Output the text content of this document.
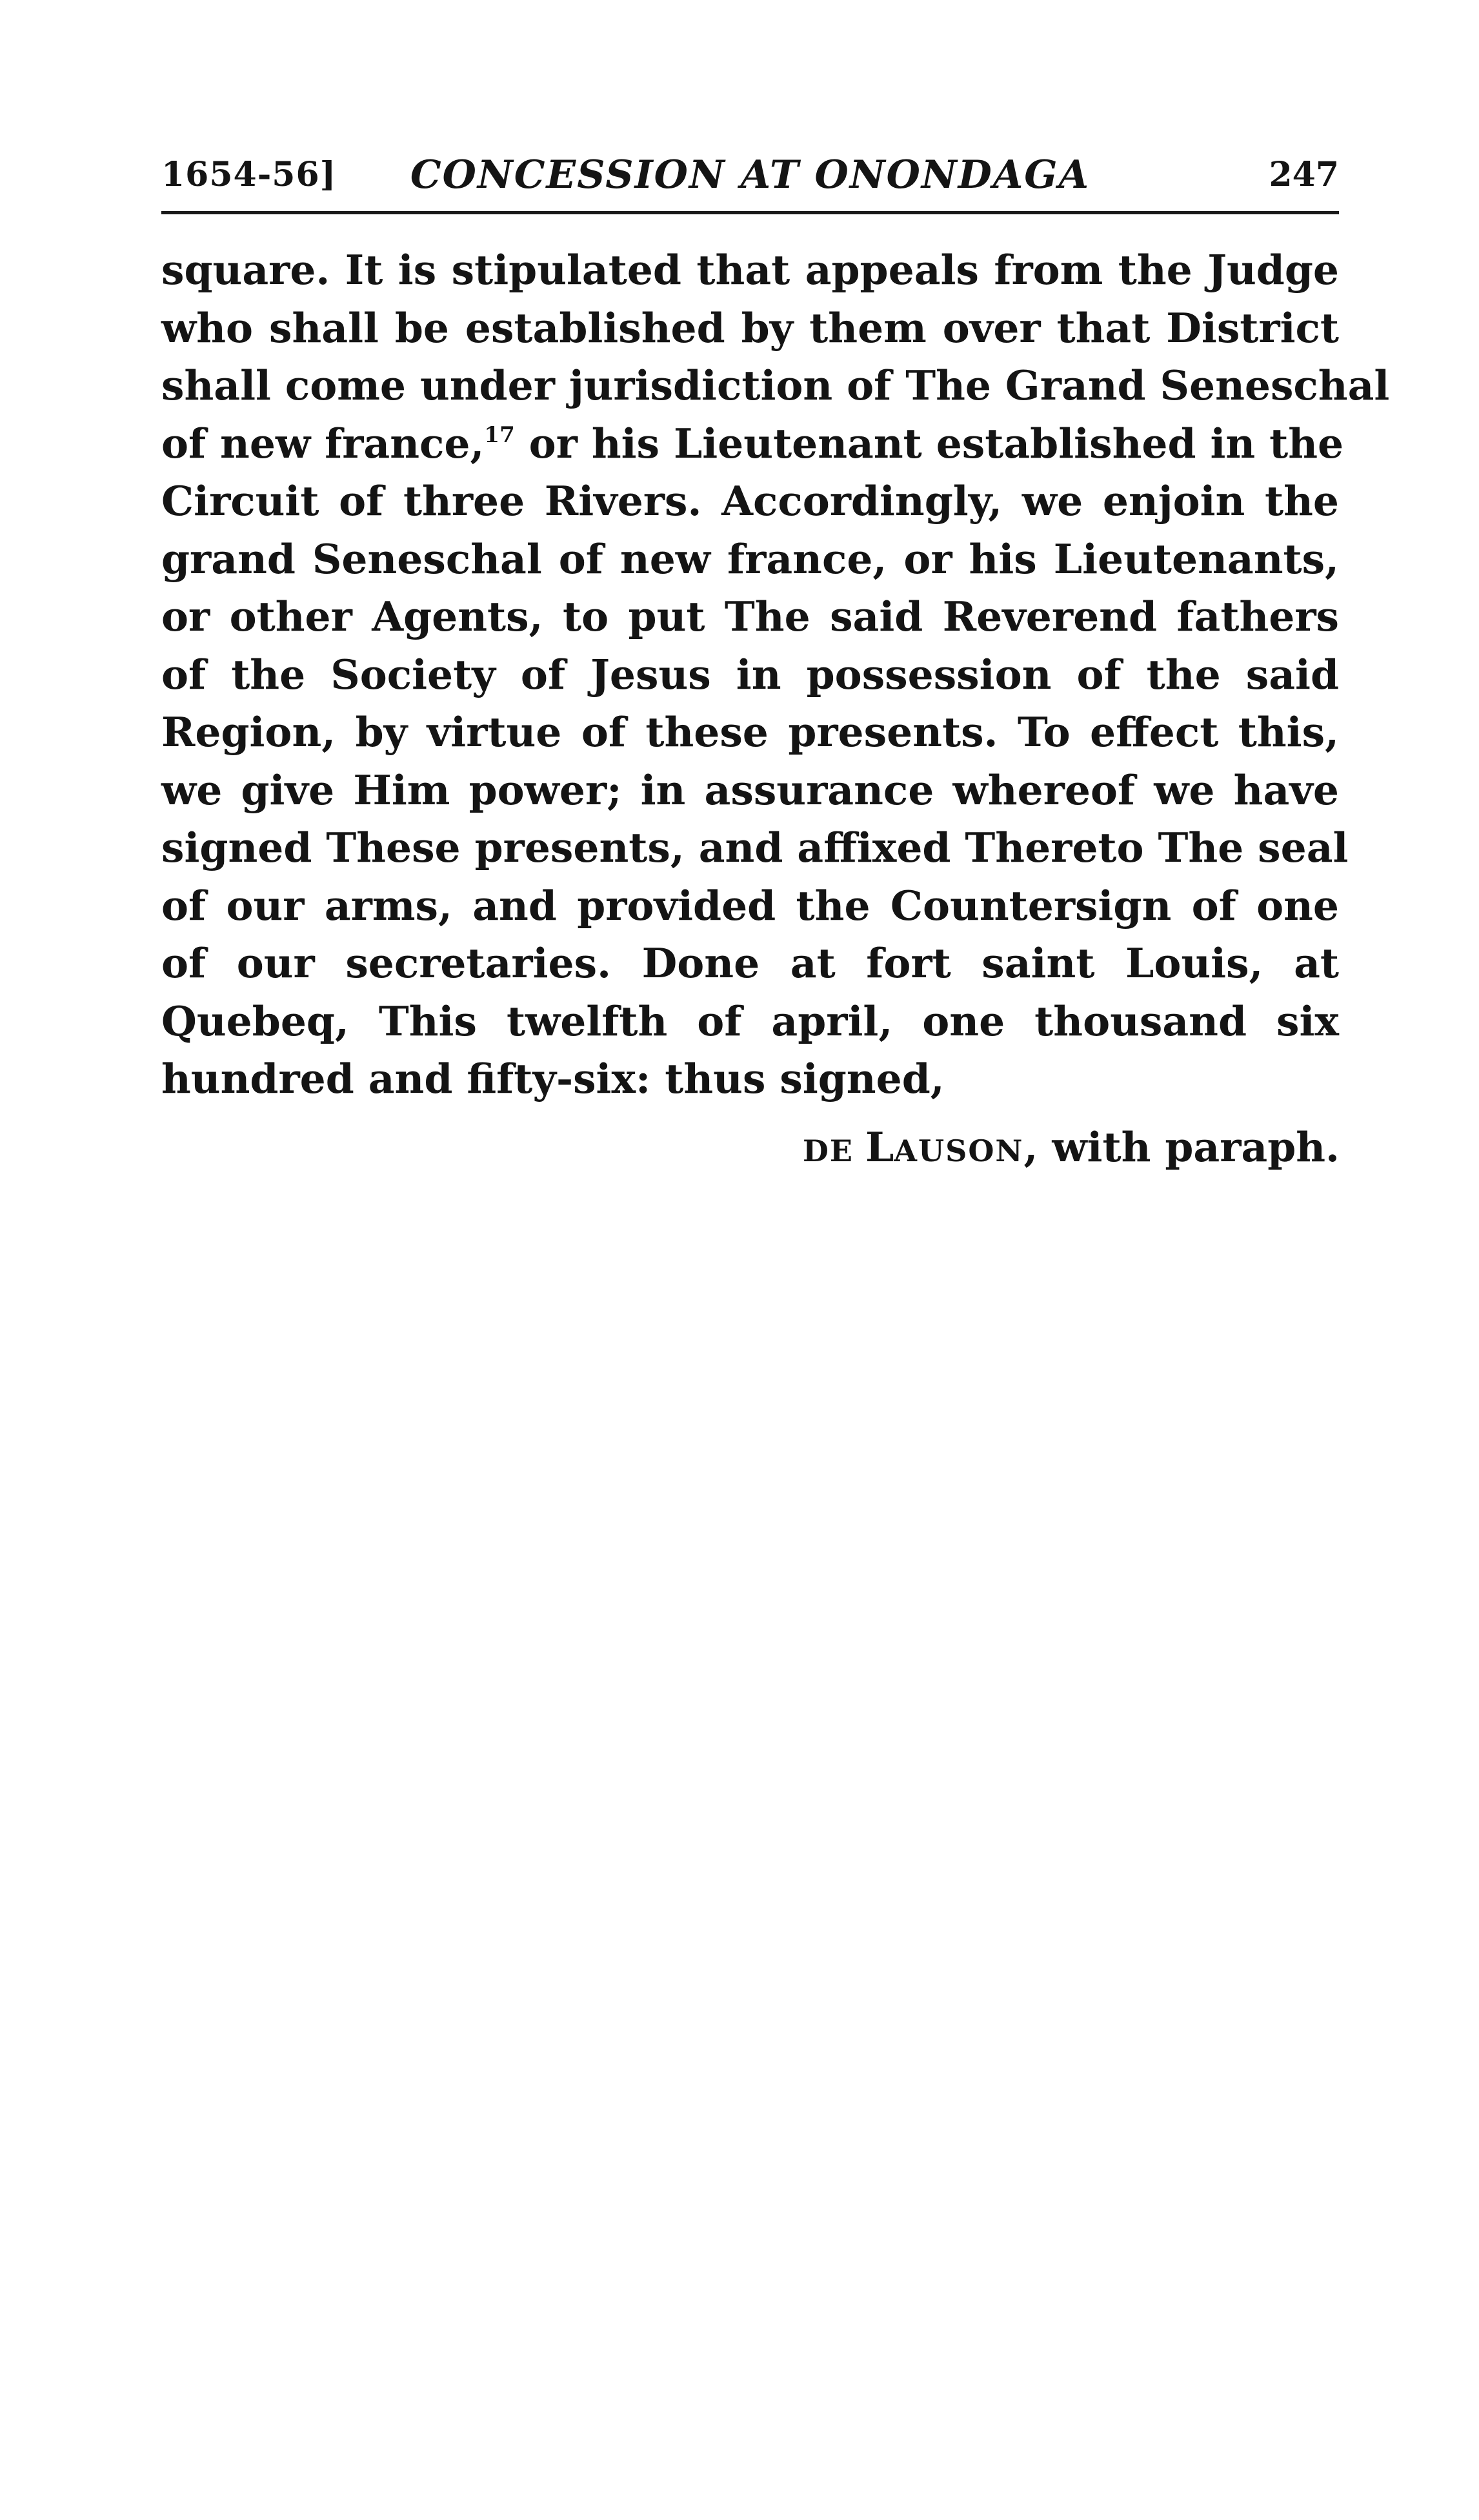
1654-56]	CONCESSION AT ONONDAGA	247
square. It is stipulated that appeals from the Judge
who shall be established by them over that District
shall come under jurisdiction of The Grand Seneschal
of new france,$^{17}$ or his Lieutenant established in the
Circuit of three Rivers. Accordingly, we enjoin the
grand Seneschal of new france, or his Lieutenants,
or other Agents, to put The said Reverend fathers
of the Society of Jesus in possession of the said
Region, by virtue of these presents. To effect this,
we give Him power; in assurance whereof we have
signed These presents, and affixed Thereto The seal
of our arms, and provided the Countersign of one
of our secretaries. Done at fort saint Louis, at
Quebeq, This twelfth of april, one thousand six
hundred and fifty-six: thus signed,
DE LAUSON, with paraph.
